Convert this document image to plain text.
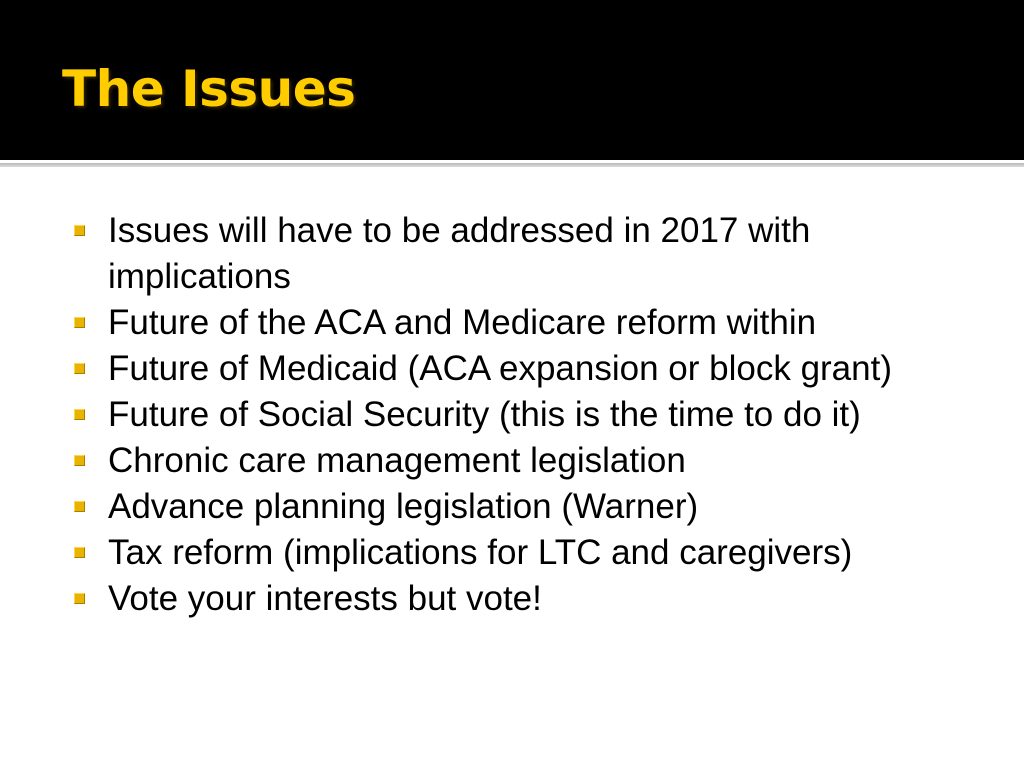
The Issues
Issues will have to be addressed in 2017 with implications
Future of the ACA and Medicare reform within
Future of Medicaid (ACA expansion or block grant)
Future of Social Security (this is the time to do it)
Chronic care management legislation
Advance planning legislation (Warner)
Tax reform (implications for LTC and caregivers)
Vote your interests but vote!
